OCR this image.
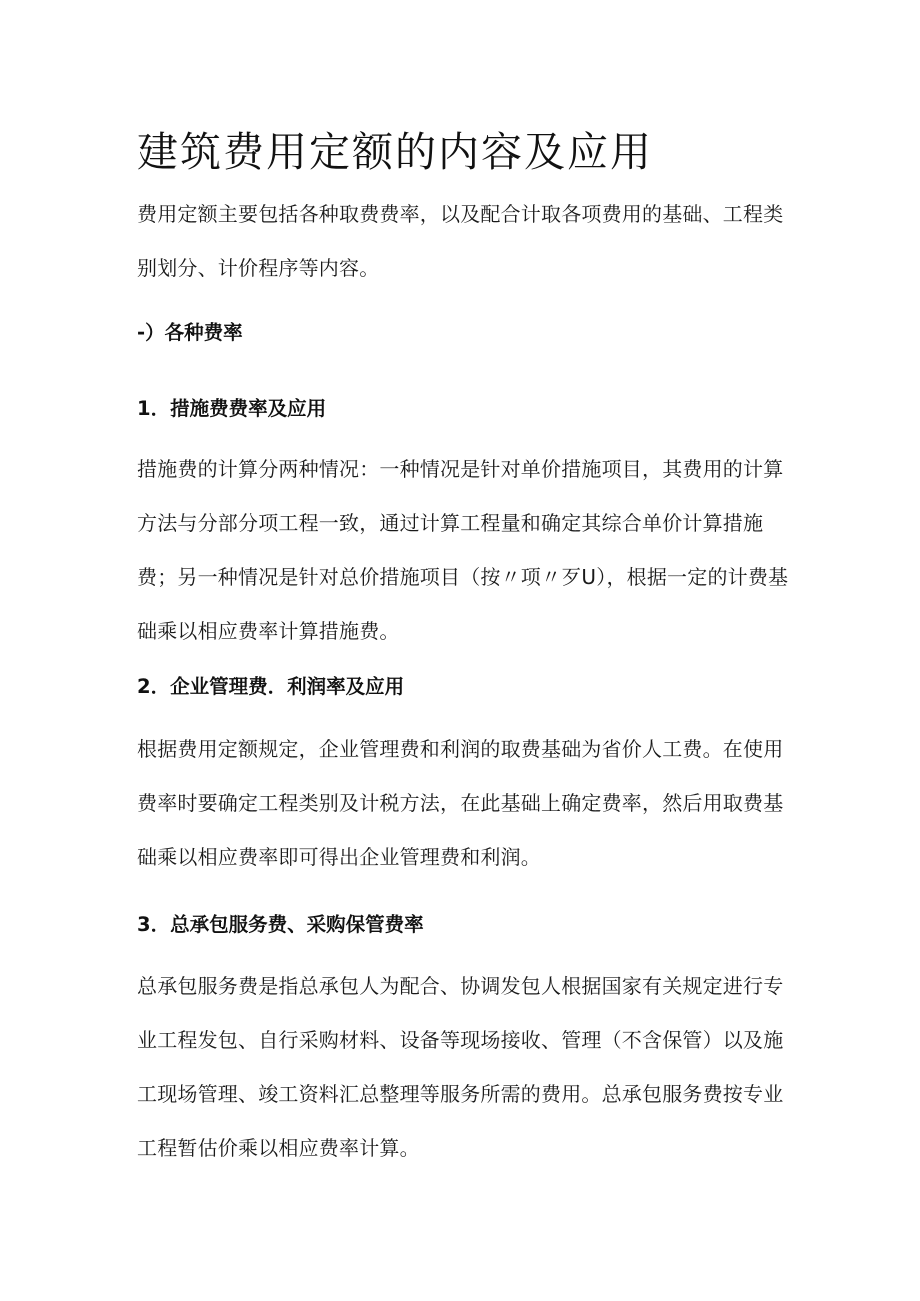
建筑费用定额的内容及应用

费用定额主要包括各种取费费率，以及配合计取各项费用的基础、工程类别划分、计价程序等内容。

-）各种费率
1．措施费费率及应用

措施费的计算分两种情况：一种情况是针对单价措施项目，其费用的计算方法与分部分项工程一致，通过计算工程量和确定其综合单价计算措施费；另一种情况是针对总价措施项目（按〃项〃歹U），根据一定的计费基础乘以相应费率计算措施费。

2．企业管理费．利润率及应用

根据费用定额规定，企业管理费和利润的取费基础为省价人工费。在使用费率时要确定工程类别及计税方法，在此基础上确定费率，然后用取费基础乘以相应费率即可得出企业管理费和利润。

3．总承包服务费、采购保管费率

总承包服务费是指总承包人为配合、协调发包人根据国家有关规定进行专业工程发包、自行采购材料、设备等现场接收、管理（不含保管）以及施工现场管理、竣工资料汇总整理等服务所需的费用。总承包服务费按专业工程暂估价乘以相应费率计算。
